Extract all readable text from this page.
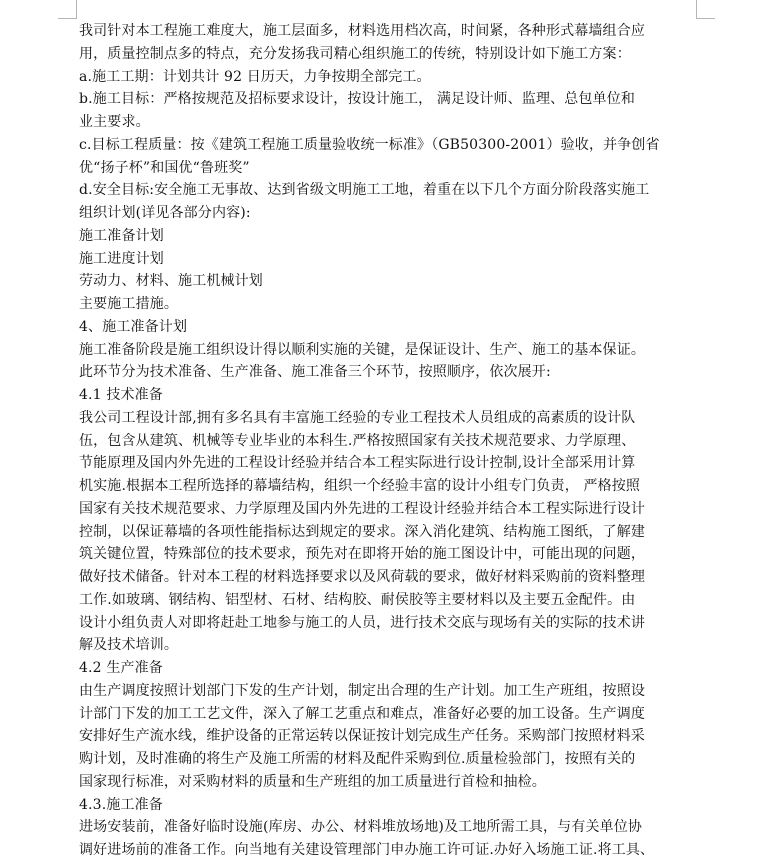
我司针对本工程施工难度大，施工层面多，材料选用档次高，时间紧，各种形式幕墙组合应
用，质量控制点多的特点，充分发扬我司精心组织施工的传统，特别设计如下施工方案：
a.施工工期：计划共计 92 日历天，力争按期全部完工。
b.施工目标：严格按规范及招标要求设计，按设计施工， 满足设计师、监理、总包单位和
业主要求。
c.目标工程质量：按《建筑工程施工质量验收统一标准》（GB50300-2001）验收，并争创省
优“扬子杯”和国优“鲁班奖”
d.安全目标:安全施工无事故、达到省级文明施工工地，着重在以下几个方面分阶段落实施工
组织计划(详见各部分内容):
施工准备计划
施工进度计划
劳动力、材料、施工机械计划
主要施工措施。
4、施工准备计划
施工准备阶段是施工组织设计得以顺利实施的关键，是保证设计、生产、施工的基本保证。
此环节分为技术准备、生产准备、施工准备三个环节，按照顺序，依次展开:
4.1 技术准备
我公司工程设计部,拥有多名具有丰富施工经验的专业工程技术人员组成的高素质的设计队
伍，包含从建筑、机械等专业毕业的本科生.严格按照国家有关技术规范要求、力学原理、
节能原理及国内外先进的工程设计经验并结合本工程实际进行设计控制,设计全部采用计算
机实施.根据本工程所选择的幕墙结构，组织一个经验丰富的设计小组专门负责， 严格按照
国家有关技术规范要求、力学原理及国内外先进的工程设计经验并结合本工程实际进行设计
控制，以保证幕墙的各项性能指标达到规定的要求。深入消化建筑、结构施工图纸，了解建
筑关键位置，特殊部位的技术要求，预先对在即将开始的施工图设计中，可能出现的问题，
做好技术储备。针对本工程的材料选择要求以及风荷载的要求，做好材料采购前的资料整理
工作.如玻璃、钢结构、铝型材、石材、结构胶、耐侯胶等主要材料以及主要五金配件。由
设计小组负责人对即将赶赴工地参与施工的人员，进行技术交底与现场有关的实际的技术讲
解及技术培训。
4.2 生产准备
由生产调度按照计划部门下发的生产计划，制定出合理的生产计划。加工生产班组，按照设
计部门下发的加工工艺文件，深入了解工艺重点和难点，准备好必要的加工设备。生产调度
安排好生产流水线，维护设备的正常运转以保证按计划完成生产任务。采购部门按照材料采
购计划，及时准确的将生产及施工所需的材料及配件采购到位.质量检验部门，按照有关的
国家现行标准，对采购材料的质量和生产班组的加工质量进行首检和抽检。
4.3.施工准备
进场安装前，准备好临时设施(库房、办公、材料堆放场地)及工地所需工具，与有关单位协
调好进场前的准备工作。向当地有关建设管理部门申办施工许可证.办好入场施工证.将工具、
